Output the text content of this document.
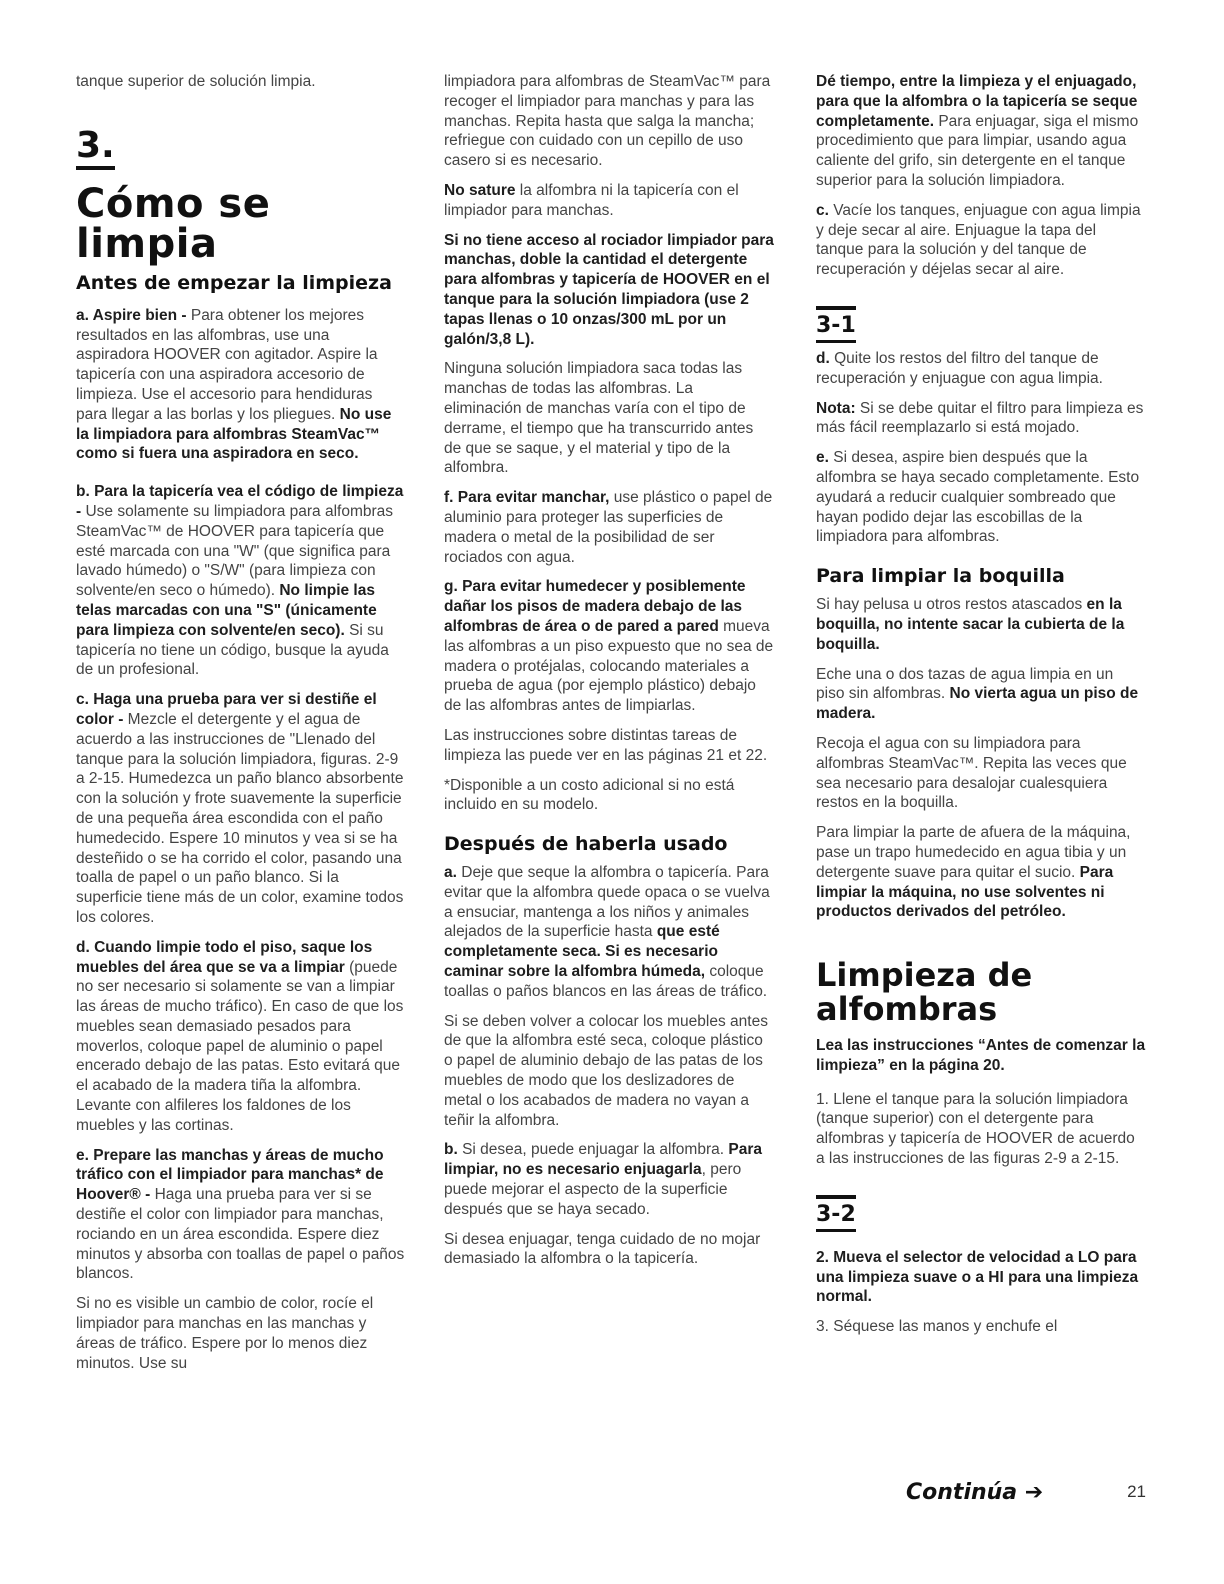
tanque superior de solución limpia.

3.
Cómo se limpia
Antes de empezar la limpieza

a. Aspire bien - Para obtener los mejores resultados en las alfombras, use una aspiradora HOOVER con agitador. Aspire la tapicería con una aspiradora accesorio de limpieza. Use el accesorio para hendiduras para llegar a las borlas y los pliegues. No use la limpiadora para alfombras SteamVac™ como si fuera una aspiradora en seco.

b. Para la tapicería vea el código de limpieza - Use solamente su limpiadora para alfombras SteamVac™ de HOOVER para tapicería que esté marcada con una "W" (que significa para lavado húmedo) o "S/W" (para limpieza con solvente/en seco o húmedo). No limpie las telas marcadas con una "S" (únicamente para limpieza con solvente/en seco). Si su tapicería no tiene un código, busque la ayuda de un profesional.

c. Haga una prueba para ver si destiñe el color - Mezcle el detergente y el agua de acuerdo a las instrucciones de "Llenado del tanque para la solución limpiadora, figuras. 2-9 a 2-15. Humedezca un paño blanco absorbente con la solución y frote suavemente la superficie de una pequeña área escondida con el paño humedecido. Espere 10 minutos y vea si se ha desteñido o se ha corrido el color, pasando una toalla de papel o un paño blanco. Si la superficie tiene más de un color, examine todos los colores.

d. Cuando limpie todo el piso, saque los muebles del área que se va a limpiar (puede no ser necesario si solamente se van a limpiar las áreas de mucho tráfico). En caso de que los muebles sean demasiado pesados para moverlos, coloque papel de aluminio o papel encerado debajo de las patas. Esto evitará que el acabado de la madera tiña la alfombra. Levante con alfileres los faldones de los muebles y las cortinas.

e. Prepare las manchas y áreas de mucho tráfico con el limpiador para manchas* de Hoover® - Haga una prueba para ver si se destiñe el color con limpiador para manchas, rociando en un área escondida. Espere diez minutos y absorba con toallas de papel o paños blancos.

Si no es visible un cambio de color, rocíe el limpiador para manchas en las manchas y áreas de tráfico. Espere por lo menos diez minutos. Use su

limpiadora para alfombras de SteamVac™ para recoger el limpiador para manchas y para las manchas. Repita hasta que salga la mancha; refriegue con cuidado con un cepillo de uso casero si es necesario.

No sature la alfombra ni la tapicería con el limpiador para manchas.

Si no tiene acceso al rociador limpiador para manchas, doble la cantidad el detergente para alfombras y tapicería de HOOVER en el tanque para la solución limpiadora (use 2 tapas llenas o 10 onzas/300 mL por un galón/3,8 L).

Ninguna solución limpiadora saca todas las manchas de todas las alfombras. La eliminación de manchas varía con el tipo de derrame, el tiempo que ha transcurrido antes de que se saque, y el material y tipo de la alfombra.

f. Para evitar manchar, use plástico o papel de aluminio para proteger las superficies de madera o metal de la posibilidad de ser rociados con agua.

g. Para evitar humedecer y posiblemente dañar los pisos de madera debajo de las alfombras de área o de pared a pared mueva las alfombras a un piso expuesto que no sea de madera o protéjalas, colocando materiales a prueba de agua (por ejemplo plástico) debajo de las alfombras antes de limpiarlas.

Las instrucciones sobre distintas tareas de limpieza las puede ver en las páginas 21 et 22.

*Disponible a un costo adicional si no está incluido en su modelo.

Después de haberla usado

a. Deje que seque la alfombra o tapicería. Para evitar que la alfombra quede opaca o se vuelva a ensuciar, mantenga a los niños y animales alejados de la superficie hasta que esté completamente seca. Si es necesario caminar sobre la alfombra húmeda, coloque toallas o paños blancos en las áreas de tráfico.

Si se deben volver a colocar los muebles antes de que la alfombra esté seca, coloque plástico o papel de aluminio debajo de las patas de los muebles de modo que los deslizadores de metal o los acabados de madera no vayan a teñir la alfombra.

b. Si desea, puede enjuagar la alfombra. Para limpiar, no es necesario enjuagarla, pero puede mejorar el aspecto de la superficie después que se haya secado.

Si desea enjuagar, tenga cuidado de no mojar demasiado la alfombra o la tapicería.

Dé tiempo, entre la limpieza y el enjuagado, para que la alfombra o la tapicería se seque completamente. Para enjuagar, siga el mismo procedimiento que para limpiar, usando agua caliente del grifo, sin detergente en el tanque superior para la solución limpiadora.

c. Vacíe los tanques, enjuague con agua limpia y deje secar al aire. Enjuague la tapa del tanque para la solución y del tanque de recuperación y déjelas secar al aire.

3-1

d. Quite los restos del filtro del tanque de recuperación y enjuague con agua limpia.

Nota: Si se debe quitar el filtro para limpieza es más fácil reemplazarlo si está mojado.

e. Si desea, aspire bien después que la alfombra se haya secado completamente. Esto ayudará a reducir cualquier sombreado que hayan podido dejar las escobillas de la limpiadora para alfombras.

Para limpiar la boquilla

Si hay pelusa u otros restos atascados en la boquilla, no intente sacar la cubierta de la boquilla.

Eche una o dos tazas de agua limpia en un piso sin alfombras. No vierta agua un piso de madera.

Recoja el agua con su limpiadora para alfombras SteamVac™. Repita las veces que sea necesario para desalojar cualesquiera restos en la boquilla.

Para limpiar la parte de afuera de la máquina, pase un trapo humedecido en agua tibia y un detergente suave para quitar el sucio. Para limpiar la máquina, no use solventes ni productos derivados del petróleo.

Limpieza de alfombras

Lea las instrucciones “Antes de comenzar la limpieza” en la página 20.

1. Llene el tanque para la solución limpiadora (tanque superior) con el detergente para alfombras y tapicería de HOOVER de acuerdo a las instrucciones de las figuras 2-9 a 2-15.

3-2

2. Mueva el selector de velocidad a LO para una limpieza suave o a HI para una limpieza normal.

3. Séquese las manos y enchufe el

Continúa ➔	21
